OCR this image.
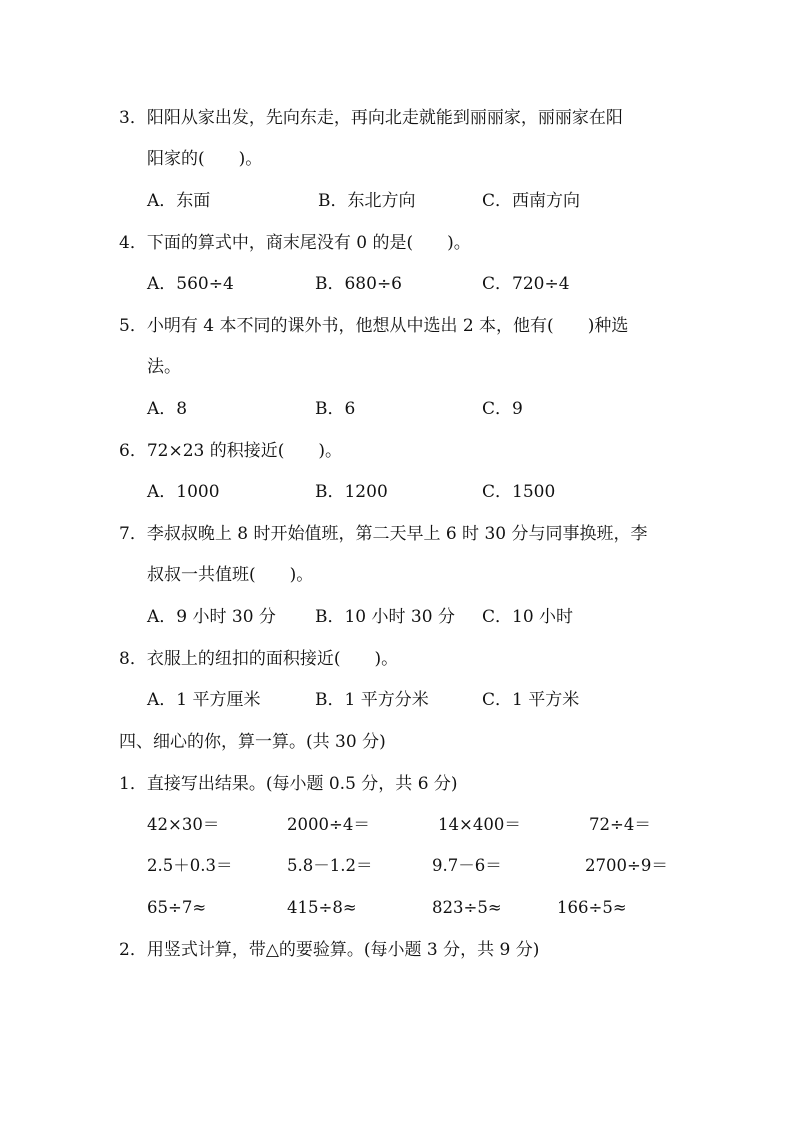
3．阳阳从家出发，先向东走，再向北走就能到丽丽家，丽丽家在阳
阳家的(　　)。
A．东面	B．东北方向	C．西南方向
4．下面的算式中，商末尾没有 0 的是(　　)。
A．560÷4	B．680÷6	C．720÷4
5．小明有 4 本不同的课外书，他想从中选出 2 本，他有(　　)种选
法。
A．8	B．6	C．9
6．72×23 的积接近(　　)。
A．1000	B．1200	C．1500
7．李叔叔晚上 8 时开始值班，第二天早上 6 时 30 分与同事换班，李
叔叔一共值班(　　)。
A．9 小时 30 分 B．10 小时 30 分 C．10 小时
8．衣服上的纽扣的面积接近(　　)。
A．1 平方厘米	B．1 平方分米	C．1 平方米
四、细心的你，算一算。(共 30 分)
1．直接写出结果。(每小题 0.5 分，共 6 分)
42×30＝	2000÷4＝	14×400＝	72÷4＝
2.5＋0.3＝	5.8－1.2＝	9.7－6＝	2700÷9＝
65÷7≈	415÷8≈	823÷5≈	166÷5≈
2．用竖式计算，带△的要验算。(每小题 3 分，共 9 分)
